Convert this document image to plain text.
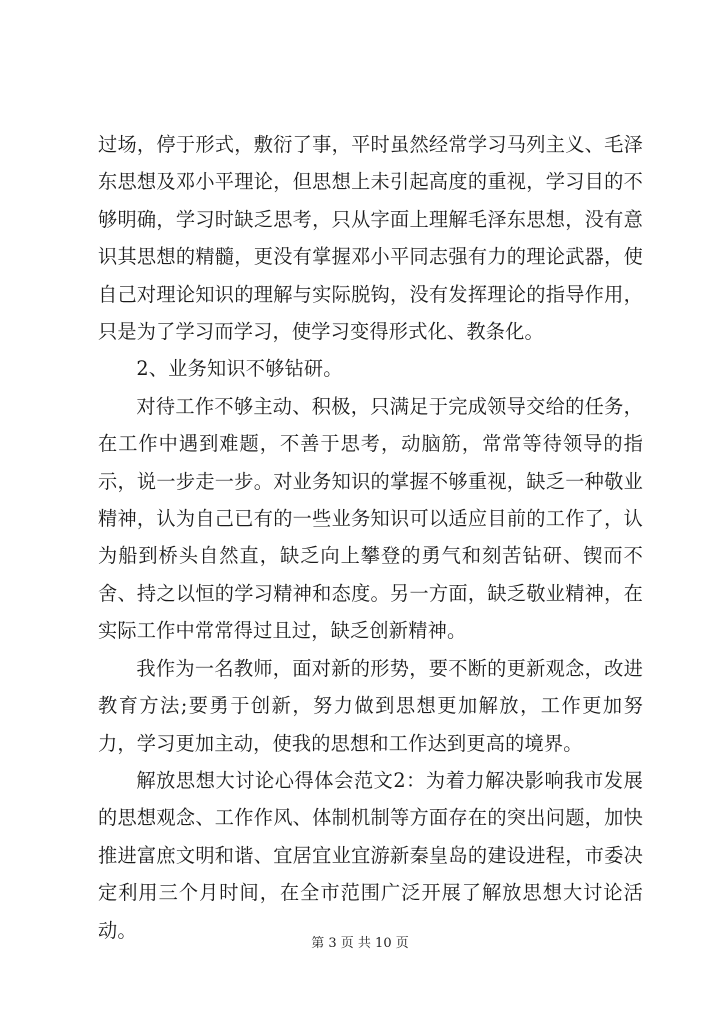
过场，停于形式，敷衍了事，平时虽然经常学习马列主义、毛泽东思想及邓小平理论，但思想上未引起高度的重视，学习目的不够明确，学习时缺乏思考，只从字面上理解毛泽东思想，没有意识其思想的精髓，更没有掌握邓小平同志强有力的理论武器，使自己对理论知识的理解与实际脱钩，没有发挥理论的指导作用，只是为了学习而学习，使学习变得形式化、教条化。

2、业务知识不够钻研。

对待工作不够主动、积极，只满足于完成领导交给的任务，在工作中遇到难题，不善于思考，动脑筋，常常等待领导的指示，说一步走一步。对业务知识的掌握不够重视，缺乏一种敬业精神，认为自己已有的一些业务知识可以适应目前的工作了，认为船到桥头自然直，缺乏向上攀登的勇气和刻苦钻研、锲而不舍、持之以恒的学习精神和态度。另一方面，缺乏敬业精神，在实际工作中常常得过且过，缺乏创新精神。

我作为一名教师，面对新的形势，要不断的更新观念，改进教育方法;要勇于创新，努力做到思想更加解放，工作更加努力，学习更加主动，使我的思想和工作达到更高的境界。

解放思想大讨论心得体会范文2：为着力解决影响我市发展的思想观念、工作作风、体制机制等方面存在的突出问题，加快推进富庶文明和谐、宜居宜业宜游新秦皇岛的建设进程，市委决定利用三个月时间，在全市范围广泛开展了解放思想大讨论活动。

第 3 页 共 10 页
